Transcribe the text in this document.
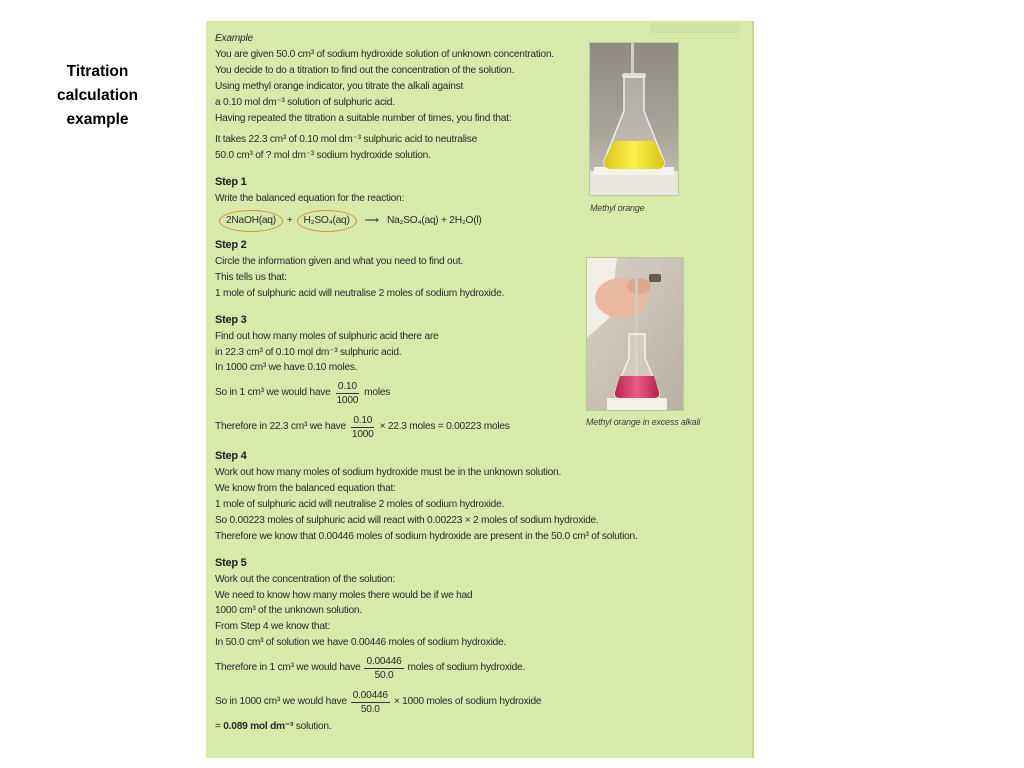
Titration calculation example
Example
You are given 50.0 cm³ of sodium hydroxide solution of unknown concentration.
You decide to do a titration to find out the concentration of the solution.
Using methyl orange indicator, you titrate the alkali against
a 0.10 mol dm⁻³ solution of sulphuric acid.
Having repeated the titration a suitable number of times, you find that:
It takes 22.3 cm³ of 0.10 mol dm⁻³ sulphuric acid to neutralise
50.0 cm³ of ? mol dm⁻³ sodium hydroxide solution.
Step 1
Write the balanced equation for the reaction:
2NaOH(aq)	+	H₂SO₄(aq)	⟶ Na₂SO₄(aq) + 2H₂O(l)
Step 2
Circle the information given and what you need to find out.
This tells us that:
1 mole of sulphuric acid will neutralise 2 moles of sodium hydroxide.
Step 3
Find out how many moles of sulphuric acid there are
in 22.3 cm³ of 0.10 mol dm⁻³ sulphuric acid.
In 1000 cm³ we have 0.10 moles.
So in 1 cm³ we would have $\frac{0.10}{1000}$ moles
Therefore in 22.3 cm³ we have $\frac{0.10}{1000} \times 22.3$ moles = 0.00223 moles
Step 4
Work out how many moles of sodium hydroxide must be in the unknown solution.
We know from the balanced equation that:
1 mole of sulphuric acid will neutralise 2 moles of sodium hydroxide.
So 0.00223 moles of sulphuric acid will react with 0.00223 × 2 moles of sodium hydroxide.
Therefore we know that 0.00446 moles of sodium hydroxide are present in the 50.0 cm³ of solution.
Step 5
Work out the concentration of the solution:
We need to know how many moles there would be if we had
1000 cm³ of the unknown solution.
From Step 4 we know that:
In 50.0 cm³ of solution we have 0.00446 moles of sodium hydroxide.
Therefore in 1 cm³ we would have $\frac{0.00446}{50.0}$ moles of sodium hydroxide.
So in 1000 cm³ we would have $\frac{0.00446}{50.0} \times 1000$ moles of sodium hydroxide
= 0.089 mol dm⁻³ solution.
Methyl orange
Methyl orange in excess alkali
